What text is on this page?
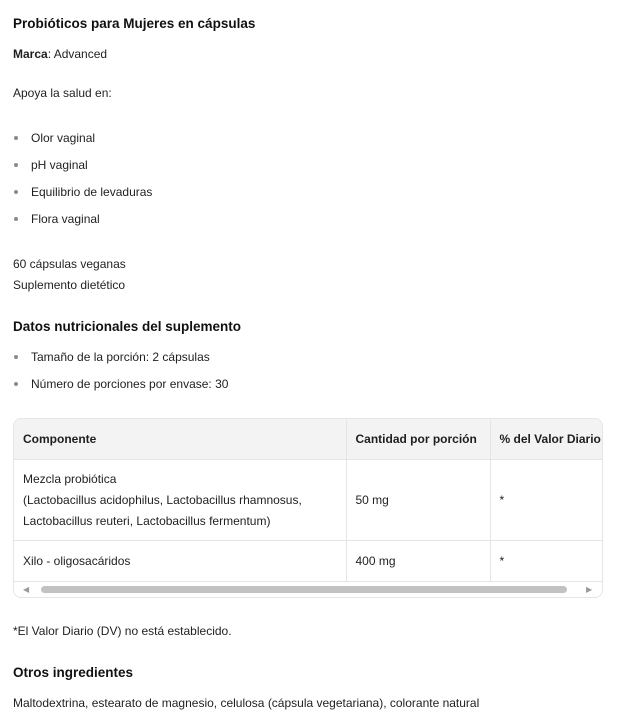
Probióticos para Mujeres en cápsulas
Marca: Advanced
Apoya la salud en:
Olor vaginal
pH vaginal
Equilibrio de levaduras
Flora vaginal
60 cápsulas veganas
Suplemento dietético
Datos nutricionales del suplemento
Tamaño de la porción: 2 cápsulas
Número de porciones por envase: 30
Componente	Cantidad por porción	% del Valor Diario

Mezcla probiótica
(Lactobacillus acidophilus, Lactobacillus rhamnosus,
Lactobacillus reuteri, Lactobacillus fermentum)	50 mg	*
Xilo - oligosacáridos	400 mg	*
◀	▶
*El Valor Diario (DV) no está establecido.
Otros ingredientes
Maltodextrina, estearato de magnesio, celulosa (cápsula vegetariana), colorante natural
